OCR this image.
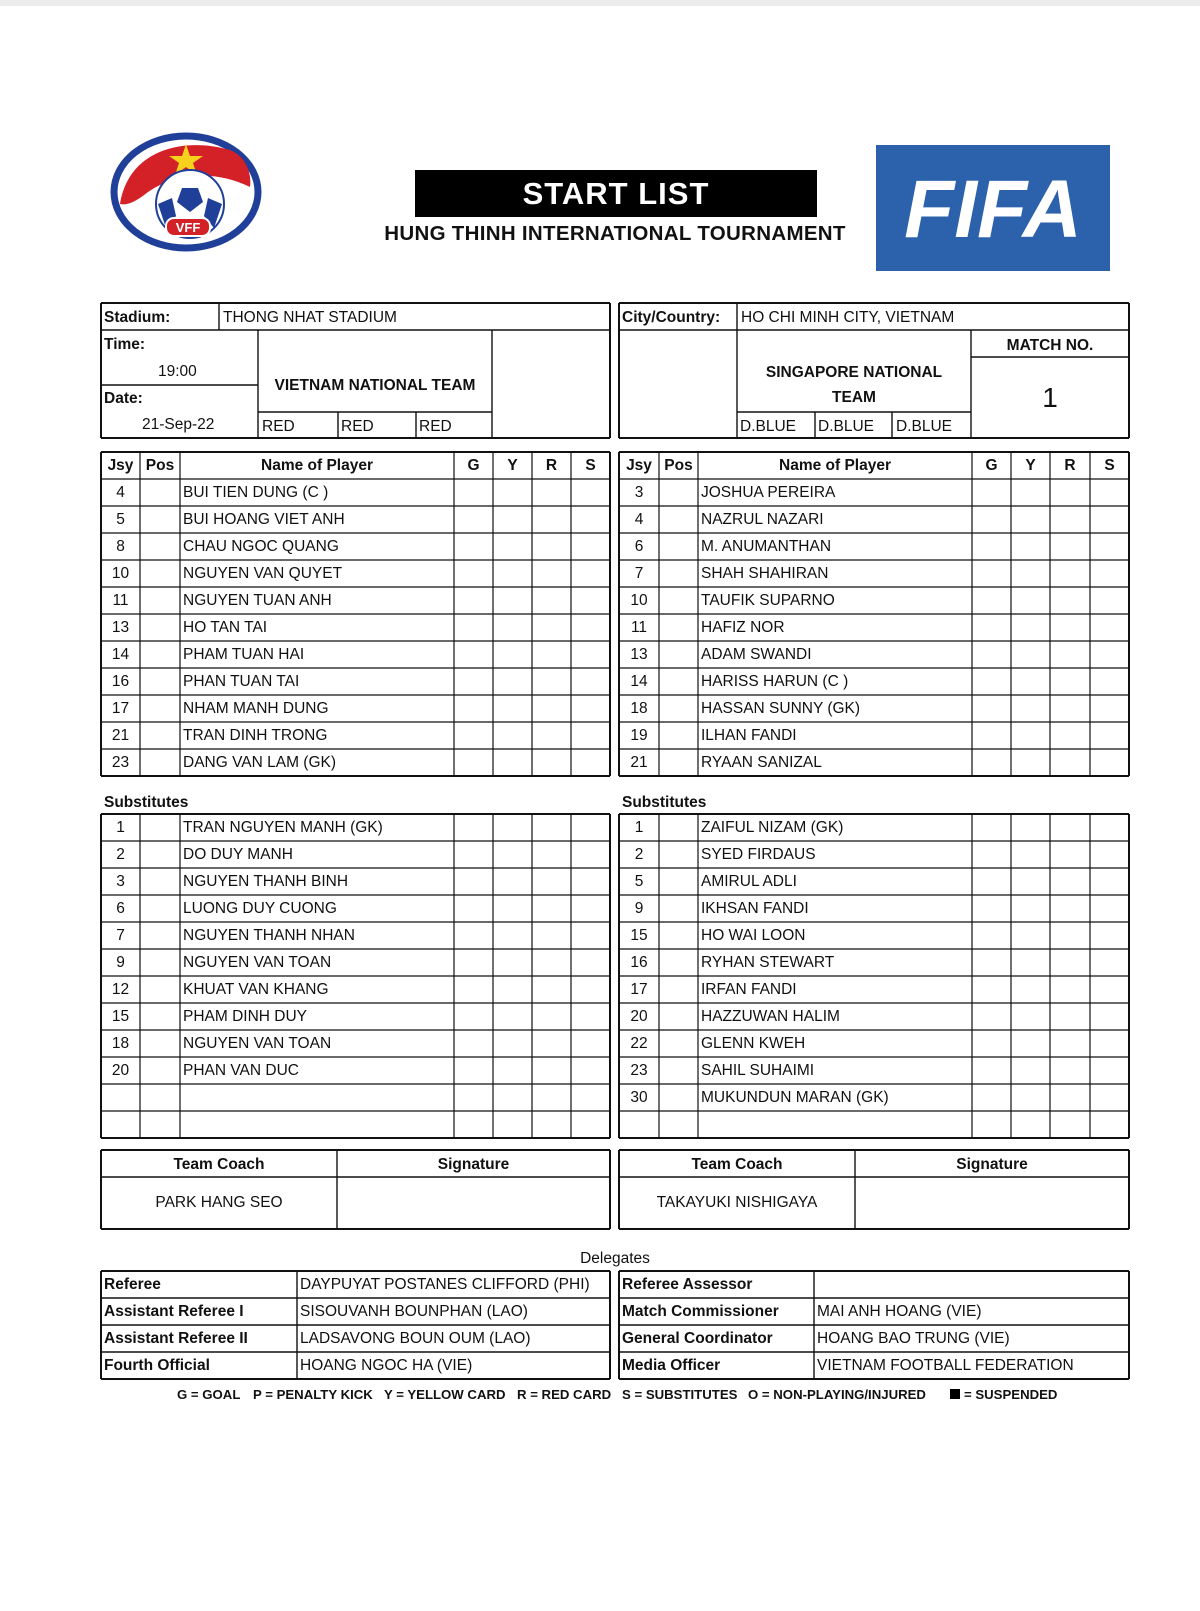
VFF
START LIST
HUNG THINH INTERNATIONAL TOURNAMENT FIFA
Stadium:	THONG NHAT STADIUM
Time:
19:00
Date:
21-Sep-22
VIETNAM NATIONAL TEAM
RED	RED	RED
City/Country: HO CHI MINH CITY, VIETNAM
MATCH NO.
1
SINGAPORE NATIONAL
TEAM
D.BLUE D.BLUE D.BLUE
Jsy Pos	Name of Player	G	Y	R	S
4	BUI TIEN DUNG (C )
5	BUI HOANG VIET ANH
8	CHAU NGOC QUANG
10	NGUYEN VAN QUYET
11	NGUYEN TUAN ANH
13	HO TAN TAI
14	PHAM TUAN HAI
16	PHAN TUAN TAI
17	NHAM MANH DUNG
21	TRAN DINH TRONG
23	DANG VAN LAM (GK)
Jsy Pos	Name of Player	G	Y	R	S
3	JOSHUA PEREIRA
4	NAZRUL NAZARI
6	M. ANUMANTHAN
7	SHAH SHAHIRAN
10	TAUFIK SUPARNO
11	HAFIZ NOR
13	ADAM SWANDI
14	HARISS HARUN (C )
18	HASSAN SUNNY (GK)
19	ILHAN FANDI
21	RYAAN SANIZAL
Substitutes	Substitutes
1	TRAN NGUYEN MANH (GK)
2	DO DUY MANH
3	NGUYEN THANH BINH
6	LUONG DUY CUONG
7	NGUYEN THANH NHAN
9	NGUYEN VAN TOAN
12	KHUAT VAN KHANG
15	PHAM DINH DUY
18	NGUYEN VAN TOAN
20	PHAN VAN DUC
1	ZAIFUL NIZAM (GK)
2	SYED FIRDAUS
5	AMIRUL ADLI
9	IKHSAN FANDI
15	HO WAI LOON
16	RYHAN STEWART
17	IRFAN FANDI
20	HAZZUWAN HALIM
22	GLENN KWEH
23	SAHIL SUHAIMI
30	MUKUNDUN MARAN (GK)
Team Coach	Signature
PARK HANG SEO
Team Coach	Signature
TAKAYUKI NISHIGAYA
Delegates
Referee	DAYPUYAT POSTANES CLIFFORD (PHI)
Assistant Referee I	SISOUVANH BOUNPHAN (LAO)
Assistant Referee II	LADSAVONG BOUN OUM (LAO)
Fourth Official	HOANG NGOC HA (VIE)
Referee Assessor
Match Commissioner MAI ANH HOANG (VIE)
General Coordinator	HOANG BAO TRUNG (VIE)
Media Officer	VIETNAM FOOTBALL FEDERATION
G = GOAL P = PENALTY KICK Y = YELLOW CARD R = RED CARD S = SUBSTITUTES O = NON-PLAYING/INJURED	= SUSPENDED
